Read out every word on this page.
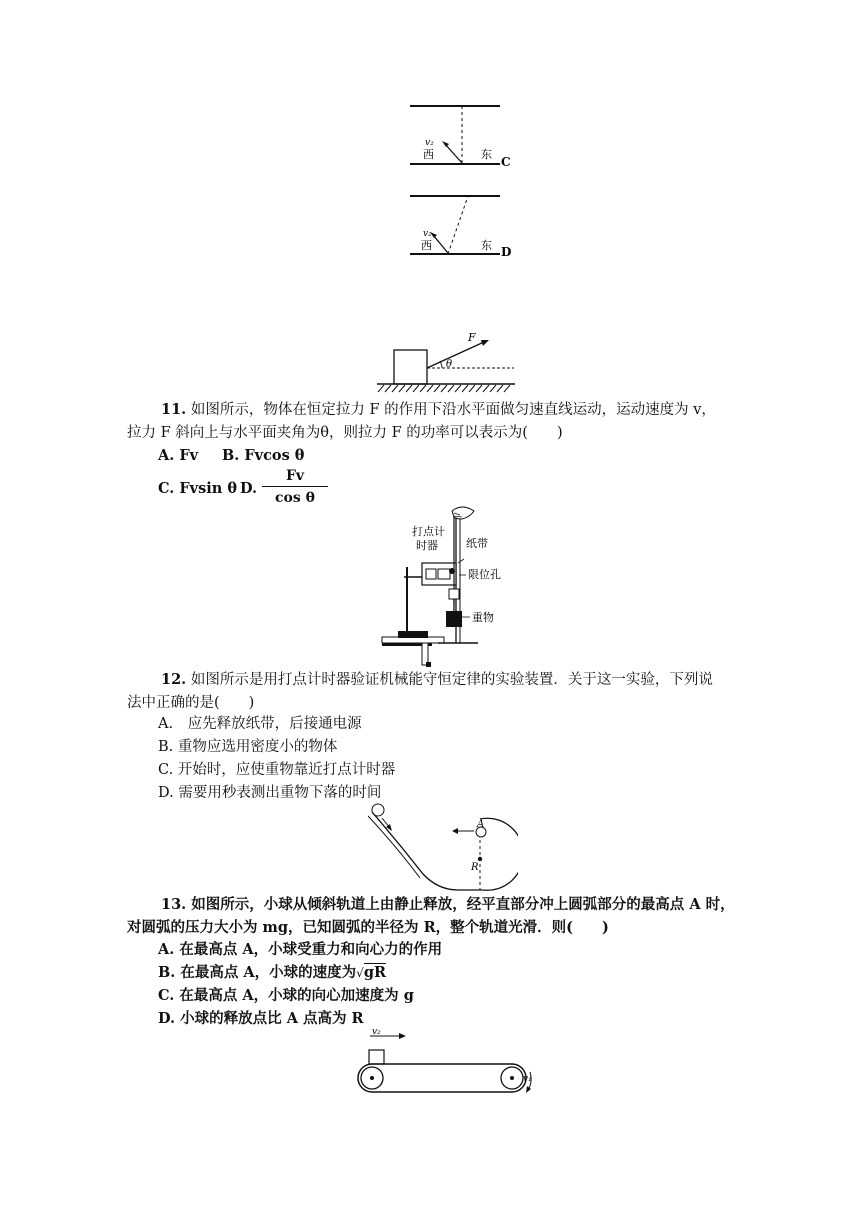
v₂
西	东
C
v₂
西	东 D
F
θ

11. 如图所示，物体在恒定拉力 F 的作用下沿水平面做匀速直线运动，运动速度为 v，

拉力 F 斜向上与水平面夹角为θ，则拉力 F 的功率可以表示为(　　)

A. Fv B. Fvcos θ
C. Fvsin θ D.
Fv
cos θ
打点计
时器	纸带
限位孔
重物

12. 如图所示是用打点计时器验证机械能守恒定律的实验装置．关于这一实验，下列说

法中正确的是(　　)

A.　应先释放纸带，后接通电源
B. 重物应选用密度小的物体
C. 开始时，应使重物靠近打点计时器
D. 需要用秒表测出重物下落的时间
A
R

13. 如图所示，小球从倾斜轨道上由静止释放，经平直部分冲上圆弧部分的最高点 A 时，

对圆弧的压力大小为 mg，已知圆弧的半径为 R，整个轨道光滑．则(　　)

A. 在最高点 A，小球受重力和向心力的作用
B. 在最高点 A，小球的速度为√gR
C. 在最高点 A，小球的向心加速度为 g
D. 小球的释放点比 A 点高为 R
v₂
v₁
